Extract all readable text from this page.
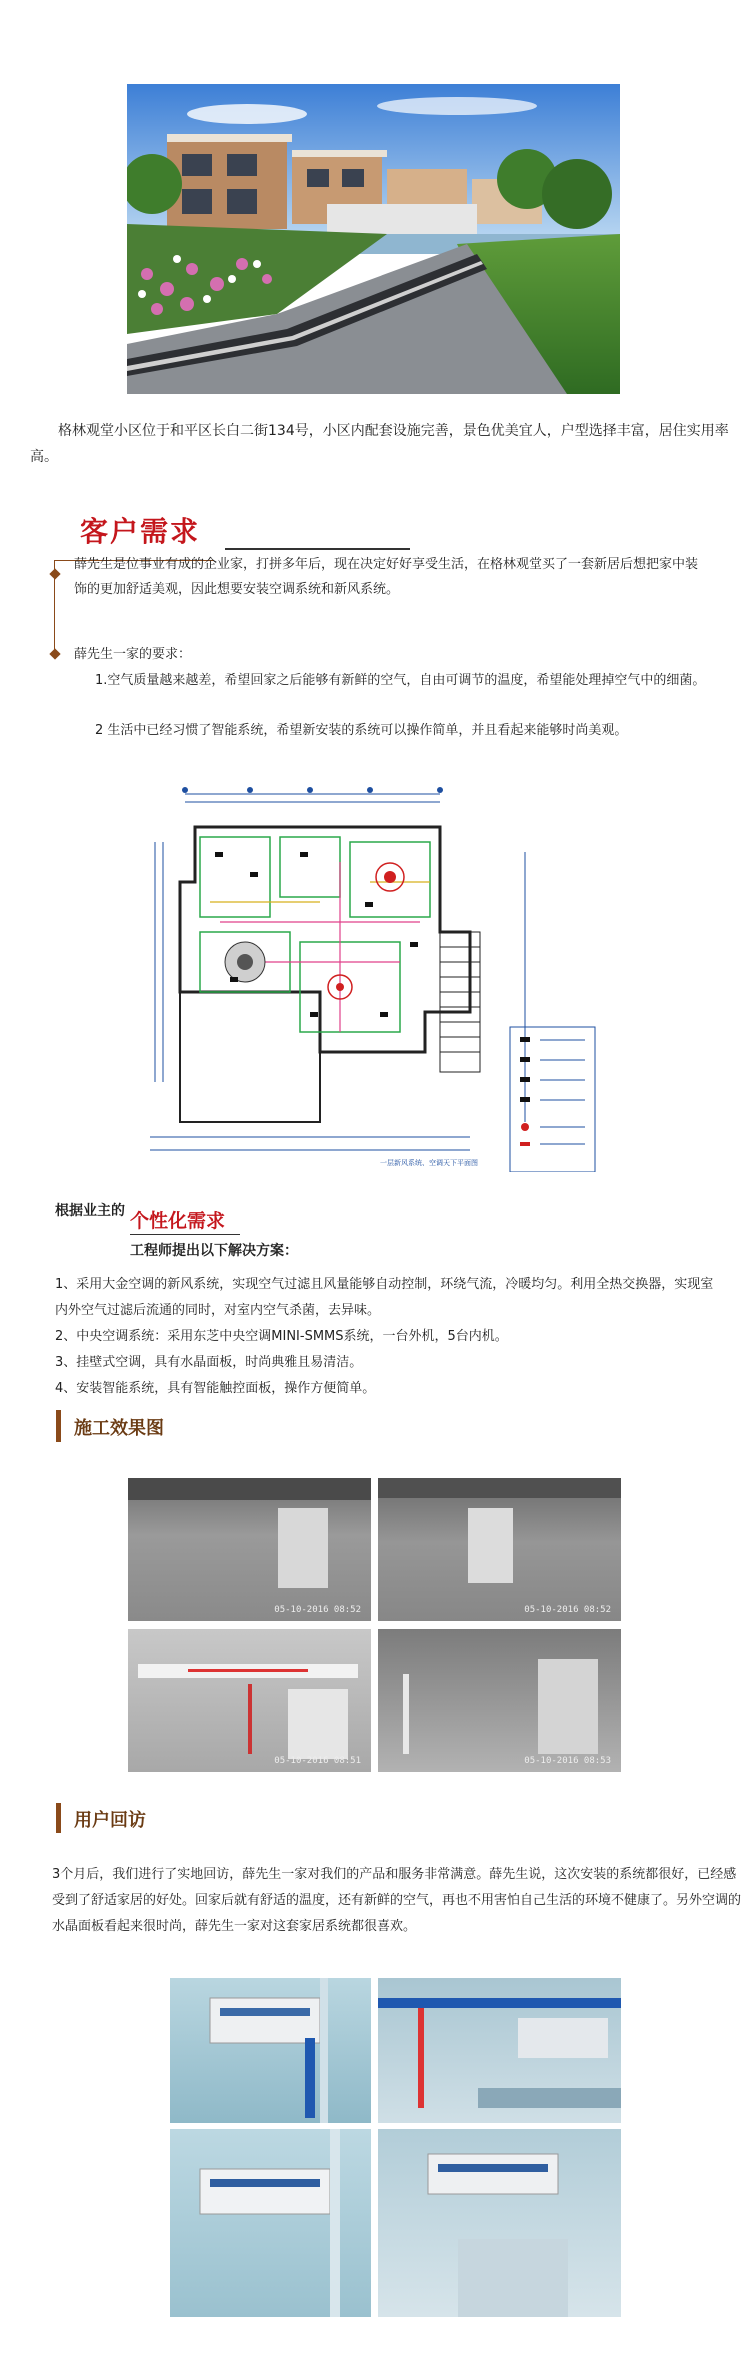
格林观堂小区位于和平区长白二街134号，小区内配套设施完善，景色优美宜人，户型选择丰富，居住实用率高。
客户需求
薛先生是位事业有成的企业家，打拼多年后，现在决定好好享受生活，在格林观堂买了一套新居后想把家中装饰的更加舒适美观，因此想要安装空调系统和新风系统。
薛先生一家的要求：
1.空气质量越来越差，希望回家之后能够有新鲜的空气，自由可调节的温度，希望能处理掉空气中的细菌。
2 生活中已经习惯了智能系统，希望新安装的系统可以操作简单，并且看起来能够时尚美观。
一层新风系统、空调天下平面图
根据业主的 个性化需求
工程师提出以下解决方案：
1、采用大金空调的新风系统，实现空气过滤且风量能够自动控制，环绕气流，冷暖均匀。利用全热交换器，实现室内外空气过滤后流通的同时，对室内空气杀菌，去异味。
2、中央空调系统：采用东芝中央空调MINI-SMMS系统，一台外机，5台内机。
3、挂壁式空调，具有水晶面板，时尚典雅且易清洁。
4、安装智能系统，具有智能触控面板，操作方便简单。
施工效果图
05-10-2016 08:52	05-10-2016 08:52
05-10-2016 08:51	05-10-2016 08:53
用户回访
3个月后，我们进行了实地回访，薛先生一家对我们的产品和服务非常满意。薛先生说，这次安装的系统都很好，已经感受到了舒适家居的好处。回家后就有舒适的温度，还有新鲜的空气，再也不用害怕自己生活的环境不健康了。另外空调的水晶面板看起来很时尚，薛先生一家对这套家居系统都很喜欢。
